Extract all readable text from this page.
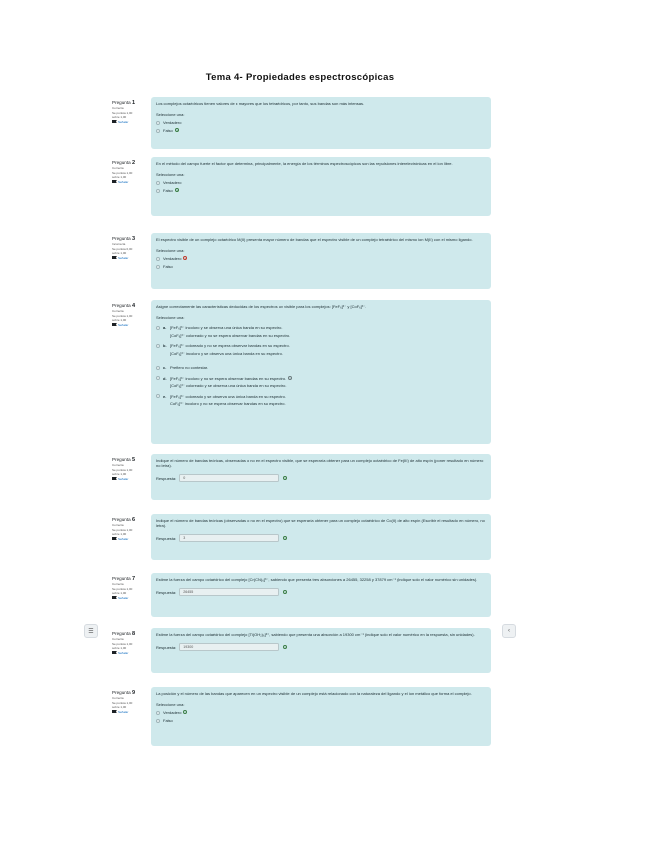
Tema 4- Propiedades espectroscópicas
☰	‹
Pregunta 1
Correcta
Se puntúa 1,00
sobre 1,00
Señalar
Los complejos octaédricos tienen valores de ε mayores que los tetraédricos, por tanto, sus bandas son más intensas.
Seleccione una:
Verdadero
Falso	✓
Pregunta 2
Correcta
Se puntúa 1,00
sobre 1,00
Señalar
En el método del campo fuerte el factor que determina, principalmente, la energía de los términos espectroscópicos son las repulsiones interelectrónicas en el ion libre.
Seleccione una:
Verdadero
Falso	✓
Pregunta 3
Incorrecta
Se puntúa 0,00
sobre 1,00
Señalar
El espectro visible de un complejo octaédrico M(II) presenta mayor número de bandas que el espectro visible de un complejo tetraédrico del mismo ion M(II) con el mismo ligando.
Seleccione una:
Verdadero	!
Falso
Pregunta 4
Correcta
Se puntúa 1,00
sobre 1,00
Señalar
Asigne correctamente las características deducidas de los espectros uv visible para los complejos: [FeF₆]³⁻ y [CoF₆]³⁻.
Seleccione una:
a. [FeF₆]³⁻ incoloro y se observa una única banda en su espectro.
[CoF₆]³⁻ coloreado y no se espera observar bandas en su espectro.
b. [FeF₆]³⁻ coloreado y no se espera observar bandas en su espectro.
[CoF₆]³⁻ incoloro y se observa una única banda en su espectro.
c. Prefiero no contestar.
d. [FeF₆]³⁻ incoloro y no se espera observar bandas en su espectro. ✓
[CoF₆]³⁻ coloreado y se observa una única banda en su espectro.
e. [FeF₆]³⁻ coloreado y se observa una única banda en su espectro.
CoF₆]³⁻ incoloro y no se espera observar bandas en su espectro.
Pregunta 5
Correcta
Se puntúa 1,00
sobre 1,00
Señalar
Indique el número de bandas teóricas, observadas o no en el espectro visible, que se esperaría obtener para un complejo octaédrico de Fe(III) de alto espín (poner resultado en número no letra).
Respuesta:	0	✓
Pregunta 6
Correcta
Se puntúa 1,00
sobre 1,00
Señalar
Indique el número de bandas teóricas (observadas o no en el espectro) que se esperaría obtener para un complejo octaédrico de Co(II) de alto espín (Escribir el resultado en número, no letra).
Respuesta:	3	✓
Pregunta 7
Correcta
Se puntúa 1,00
sobre 1,00
Señalar
Estime la fuerza del campo octaédrico del complejo [Cr(CN)₆]³⁻, sabiendo que presenta tres absorciones a 26455, 32258 y 37879 cm⁻¹ (indique solo el valor numérico sin unidades).
Respuesta:	26455	✓
Pregunta 8
Correcta
Se puntúa 1,00
sobre 1,00
Señalar
Estime la fuerza del campo octaédrico del complejo [Ti(OH₂)₆]³⁺, sabiendo que presenta una absorción a 19300 cm⁻¹ (indique solo el valor numérico en la respuesta, sin unidades).
Respuesta:	19300	✓
Pregunta 9
Correcta
Se puntúa 1,00
sobre 1,00
Señalar
La posición y el número de las bandas que aparecen en un espectro visible de un complejo está relacionado con la naturaleza del ligando y el ion metálico que forma el complejo.
Seleccione una:
Verdadero	✓
Falso
